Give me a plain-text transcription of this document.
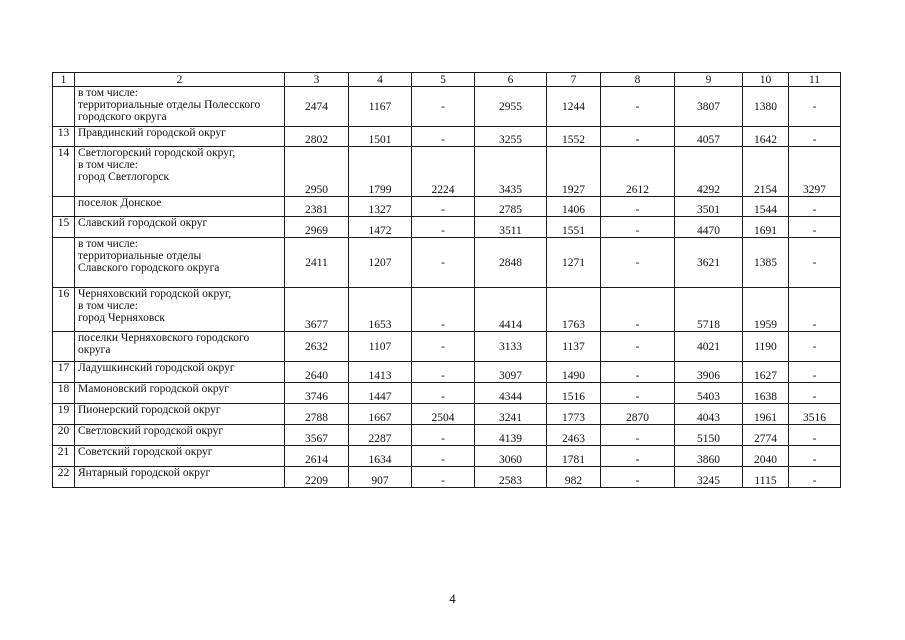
1	2	3	4	5	6	7	8	9	10	11
	в том числе:
территориальные отделы Полесского
городского округа	2474	1167	-	2955	1244	-	3807	1380	-
13	Правдинский городской округ	2802	1501	-	3255	1552	-	4057	1642	-
14	Светлогорский городской округ,
в том числе:
город Светлогорск	2950	1799	2224	3435	1927	2612	4292	2154	3297
	поселок Донское	2381	1327	-	2785	1406	-	3501	1544	-
15	Славский городской округ	2969	1472	-	3511	1551	-	4470	1691	-
	в том числе:
территориальные отделы
Славского городского округа	2411	1207	-	2848	1271	-	3621	1385	-
16	Черняховский городской округ,
в том числе:
город Черняховск	3677	1653	-	4414	1763	-	5718	1959	-
	поселки Черняховского городского
округа	2632	1107	-	3133	1137	-	4021	1190	-
17	Ладушкинский городской округ	2640	1413	-	3097	1490	-	3906	1627	-
18	Мамоновский городской округ	3746	1447	-	4344	1516	-	5403	1638	-
19	Пионерский городской округ	2788	1667	2504	3241	1773	2870	4043	1961	3516
20	Светловский городской округ	3567	2287	-	4139	2463	-	5150	2774	-
21	Советский городской округ	2614	1634	-	3060	1781	-	3860	2040	-
22	Янтарный городской округ	2209	907	-	2583	982	-	3245	1115	-
4
